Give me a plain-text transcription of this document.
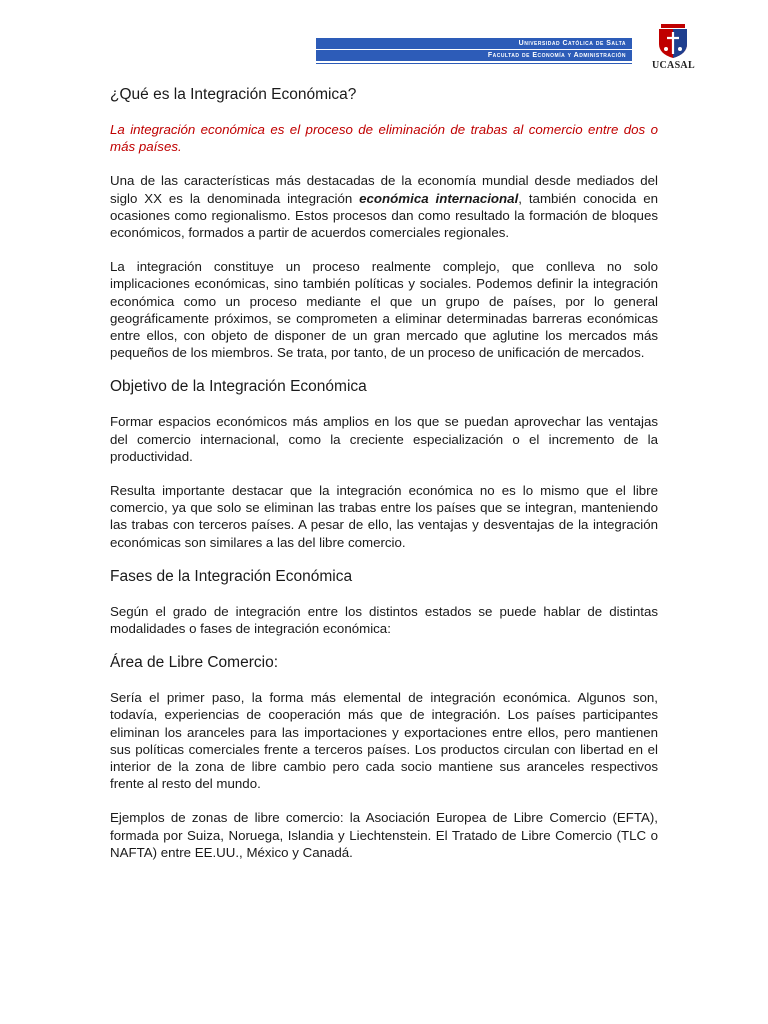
Universidad Católica de Salta
Facultad de Economía y Administración
UCASAL
¿Qué es la Integración Económica?

La integración económica es el proceso de eliminación de trabas al comercio entre dos o más países.

Una de las características más destacadas de la economía mundial desde mediados del siglo XX es la denominada integración económica internacional, también conocida en ocasiones como regionalismo. Estos procesos dan como resultado la formación de bloques económicos, formados a partir de acuerdos comerciales regionales.

La integración constituye un proceso realmente complejo, que conlleva no solo implicaciones económicas, sino también políticas y sociales. Podemos definir la integración económica como un proceso mediante el que un grupo de países, por lo general geográficamente próximos, se comprometen a eliminar determinadas barreras económicas entre ellos, con objeto de disponer de un gran mercado que aglutine los mercados más pequeños de los miembros. Se trata, por tanto, de un proceso de unificación de mercados.

Objetivo de la Integración Económica

Formar espacios económicos más amplios en los que se puedan aprovechar las ventajas del comercio internacional, como la creciente especialización o el incremento de la productividad.

Resulta importante destacar que la integración económica no es lo mismo que el libre comercio, ya que solo se eliminan las trabas entre los países que se integran, manteniendo las trabas con terceros países. A pesar de ello, las ventajas y desventajas de la integración económicas son similares a las del libre comercio.

Fases de la Integración Económica

Según el grado de integración entre los distintos estados se puede hablar de distintas modalidades o fases de integración económica:

Área de Libre Comercio:

Sería el primer paso, la forma más elemental de integración económica. Algunos son, todavía, experiencias de cooperación más que de integración. Los países participantes eliminan los aranceles para las importaciones y exportaciones entre ellos, pero mantienen sus políticas comerciales frente a terceros países. Los productos circulan con libertad en el interior de la zona de libre cambio pero cada socio mantiene sus aranceles respectivos frente al resto del mundo.

Ejemplos de zonas de libre comercio: la Asociación Europea de Libre Comercio (EFTA), formada por Suiza, Noruega, Islandia y Liechtenstein. El Tratado de Libre Comercio (TLC o NAFTA) entre EE.UU., México y Canadá.
